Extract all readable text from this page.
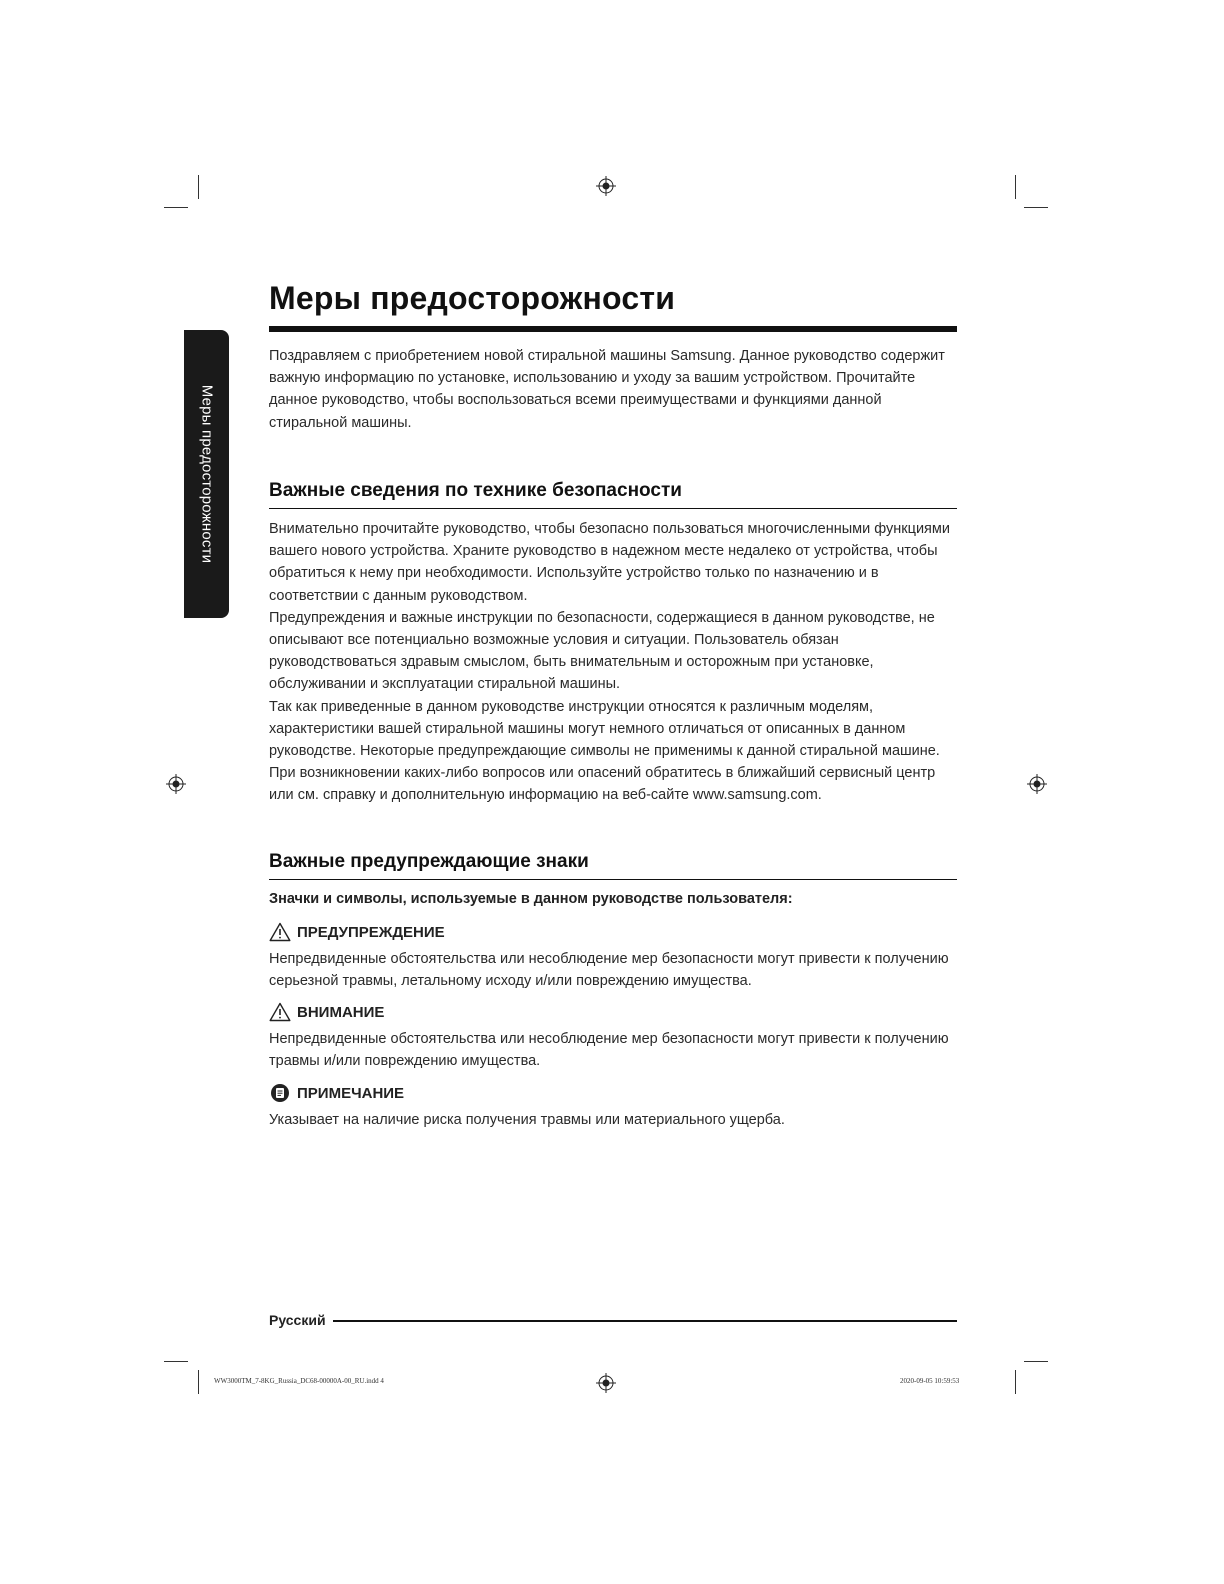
Меры предосторожности
Меры предосторожности

Поздравляем с приобретением новой стиральной машины Samsung. Данное руководство содержит важную информацию по установке, использованию и уходу за вашим устройством. Прочитайте данное руководство, чтобы воспользоваться всеми преимуществами и функциями данной стиральной машины.

Важные сведения по технике безопасности

Внимательно прочитайте руководство, чтобы безопасно пользоваться многочисленными функциями вашего нового устройства. Храните руководство в надежном месте недалеко от устройства, чтобы обратиться к нему при необходимости. Используйте устройство только по назначению и в соответствии с данным руководством.

Предупреждения и важные инструкции по безопасности, содержащиеся в данном руководстве, не описывают все потенциально возможные условия и ситуации. Пользователь обязан руководствоваться здравым смыслом, быть внимательным и осторожным при установке, обслуживании и эксплуатации стиральной машины.

Так как приведенные в данном руководстве инструкции относятся к различным моделям, характеристики вашей стиральной машины могут немного отличаться от описанных в данном руководстве. Некоторые предупреждающие символы не применимы к данной стиральной машине. При возникновении каких-либо вопросов или опасений обратитесь в ближайший сервисный центр или см. справку и дополнительную информацию на веб-сайте www.samsung.com.

Важные предупреждающие знаки

Значки и символы, используемые в данном руководстве пользователя:

ПРЕДУПРЕЖДЕНИЕ

Непредвиденные обстоятельства или несоблюдение мер безопасности могут привести к получению серьезной травмы, летальному исходу и/или повреждению имущества.

ВНИМАНИЕ

Непредвиденные обстоятельства или несоблюдение мер безопасности могут привести к получению травмы и/или повреждению имущества.

ПРИМЕЧАНИЕ

Указывает на наличие риска получения травмы или материального ущерба.

Русский
WW3000TM_7-8KG_Russia_DC68-00000A-00_RU.indd 4	2020-09-05 10:59:53
